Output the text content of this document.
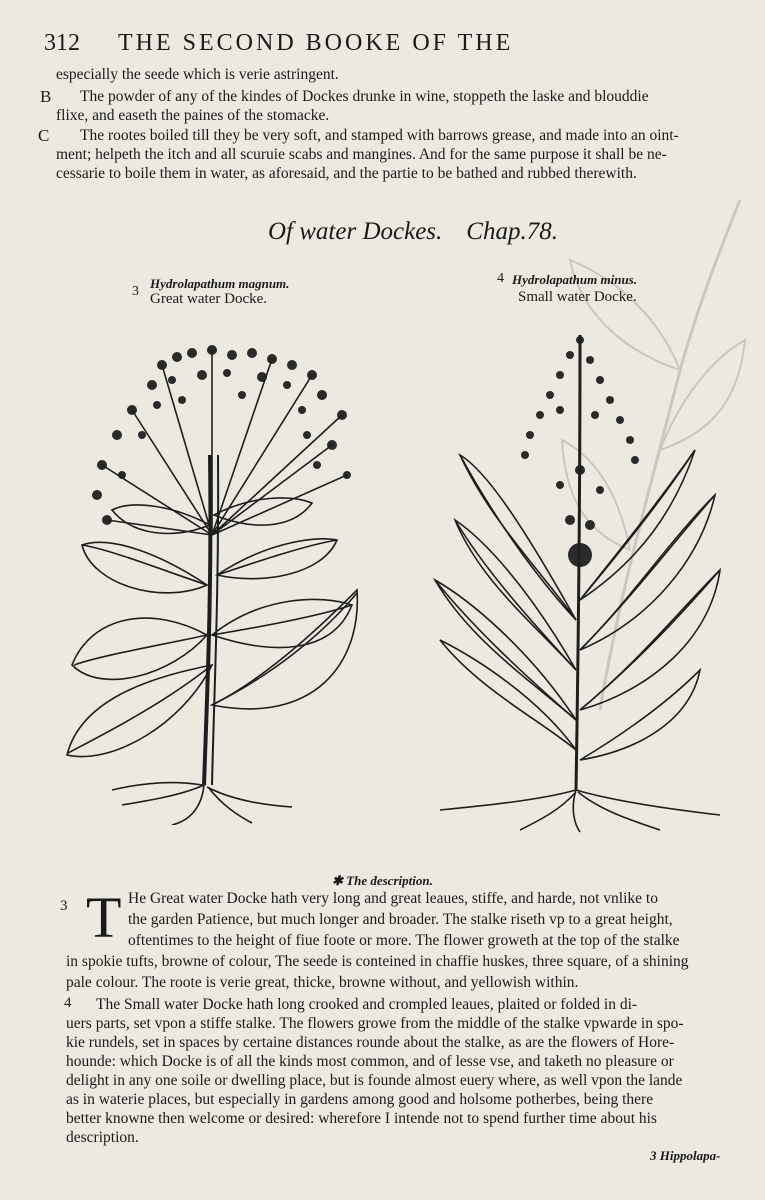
312 THE SECOND BOOKE OF THE
especially the seede which is verie astringent.
B The powder of any of the kindes of Dockes drunke in wine, stoppeth the laske and blouddie
flixe, and easeth the paines of the stomacke.
C The rootes boiled till they be very soft, and stamped with barrows grease, and made into an oint-
ment; helpeth the itch and all scuruie scabs and mangines. And for the same purpose it shall be ne-
cessarie to boile them in water, as aforesaid, and the partie to be bathed and rubbed therewith.
Of water Dockes. Chap.78.
3
Hydrolapathum magnum.
Great water Docke.
4 Hydrolapathum minus.
Small water Docke.
✱ The description.
3 T He Great water Docke hath very long and great leaues, stiffe, and harde, not vnlike to
the garden Patience, but much longer and broader. The stalke riseth vp to a great height,
oftentimes to the height of fiue foote or more. The flower groweth at the top of the stalke
in spokie tufts, browne of colour, The seede is conteined in chaffie huskes, three square, of a shining
pale colour. The roote is verie great, thicke, browne without, and yellowish within.
4 The Small water Docke hath long crooked and crompled leaues, plaited or folded in di-
uers parts, set vpon a stiffe stalke. The flowers growe from the middle of the stalke vpwarde in spo-
kie rundels, set in spaces by certaine distances rounde about the stalke, as are the flowers of Hore-
hounde: which Docke is of all the kinds most common, and of lesse vse, and taketh no pleasure or
delight in any one soile or dwelling place, but is founde almost euery where, as well vpon the lande
as in waterie places, but especially in gardens among good and holsome potherbes, being there
better knowne then welcome or desired: wherefore I intende not to spend further time about his
description.
3 Hippolapa-
